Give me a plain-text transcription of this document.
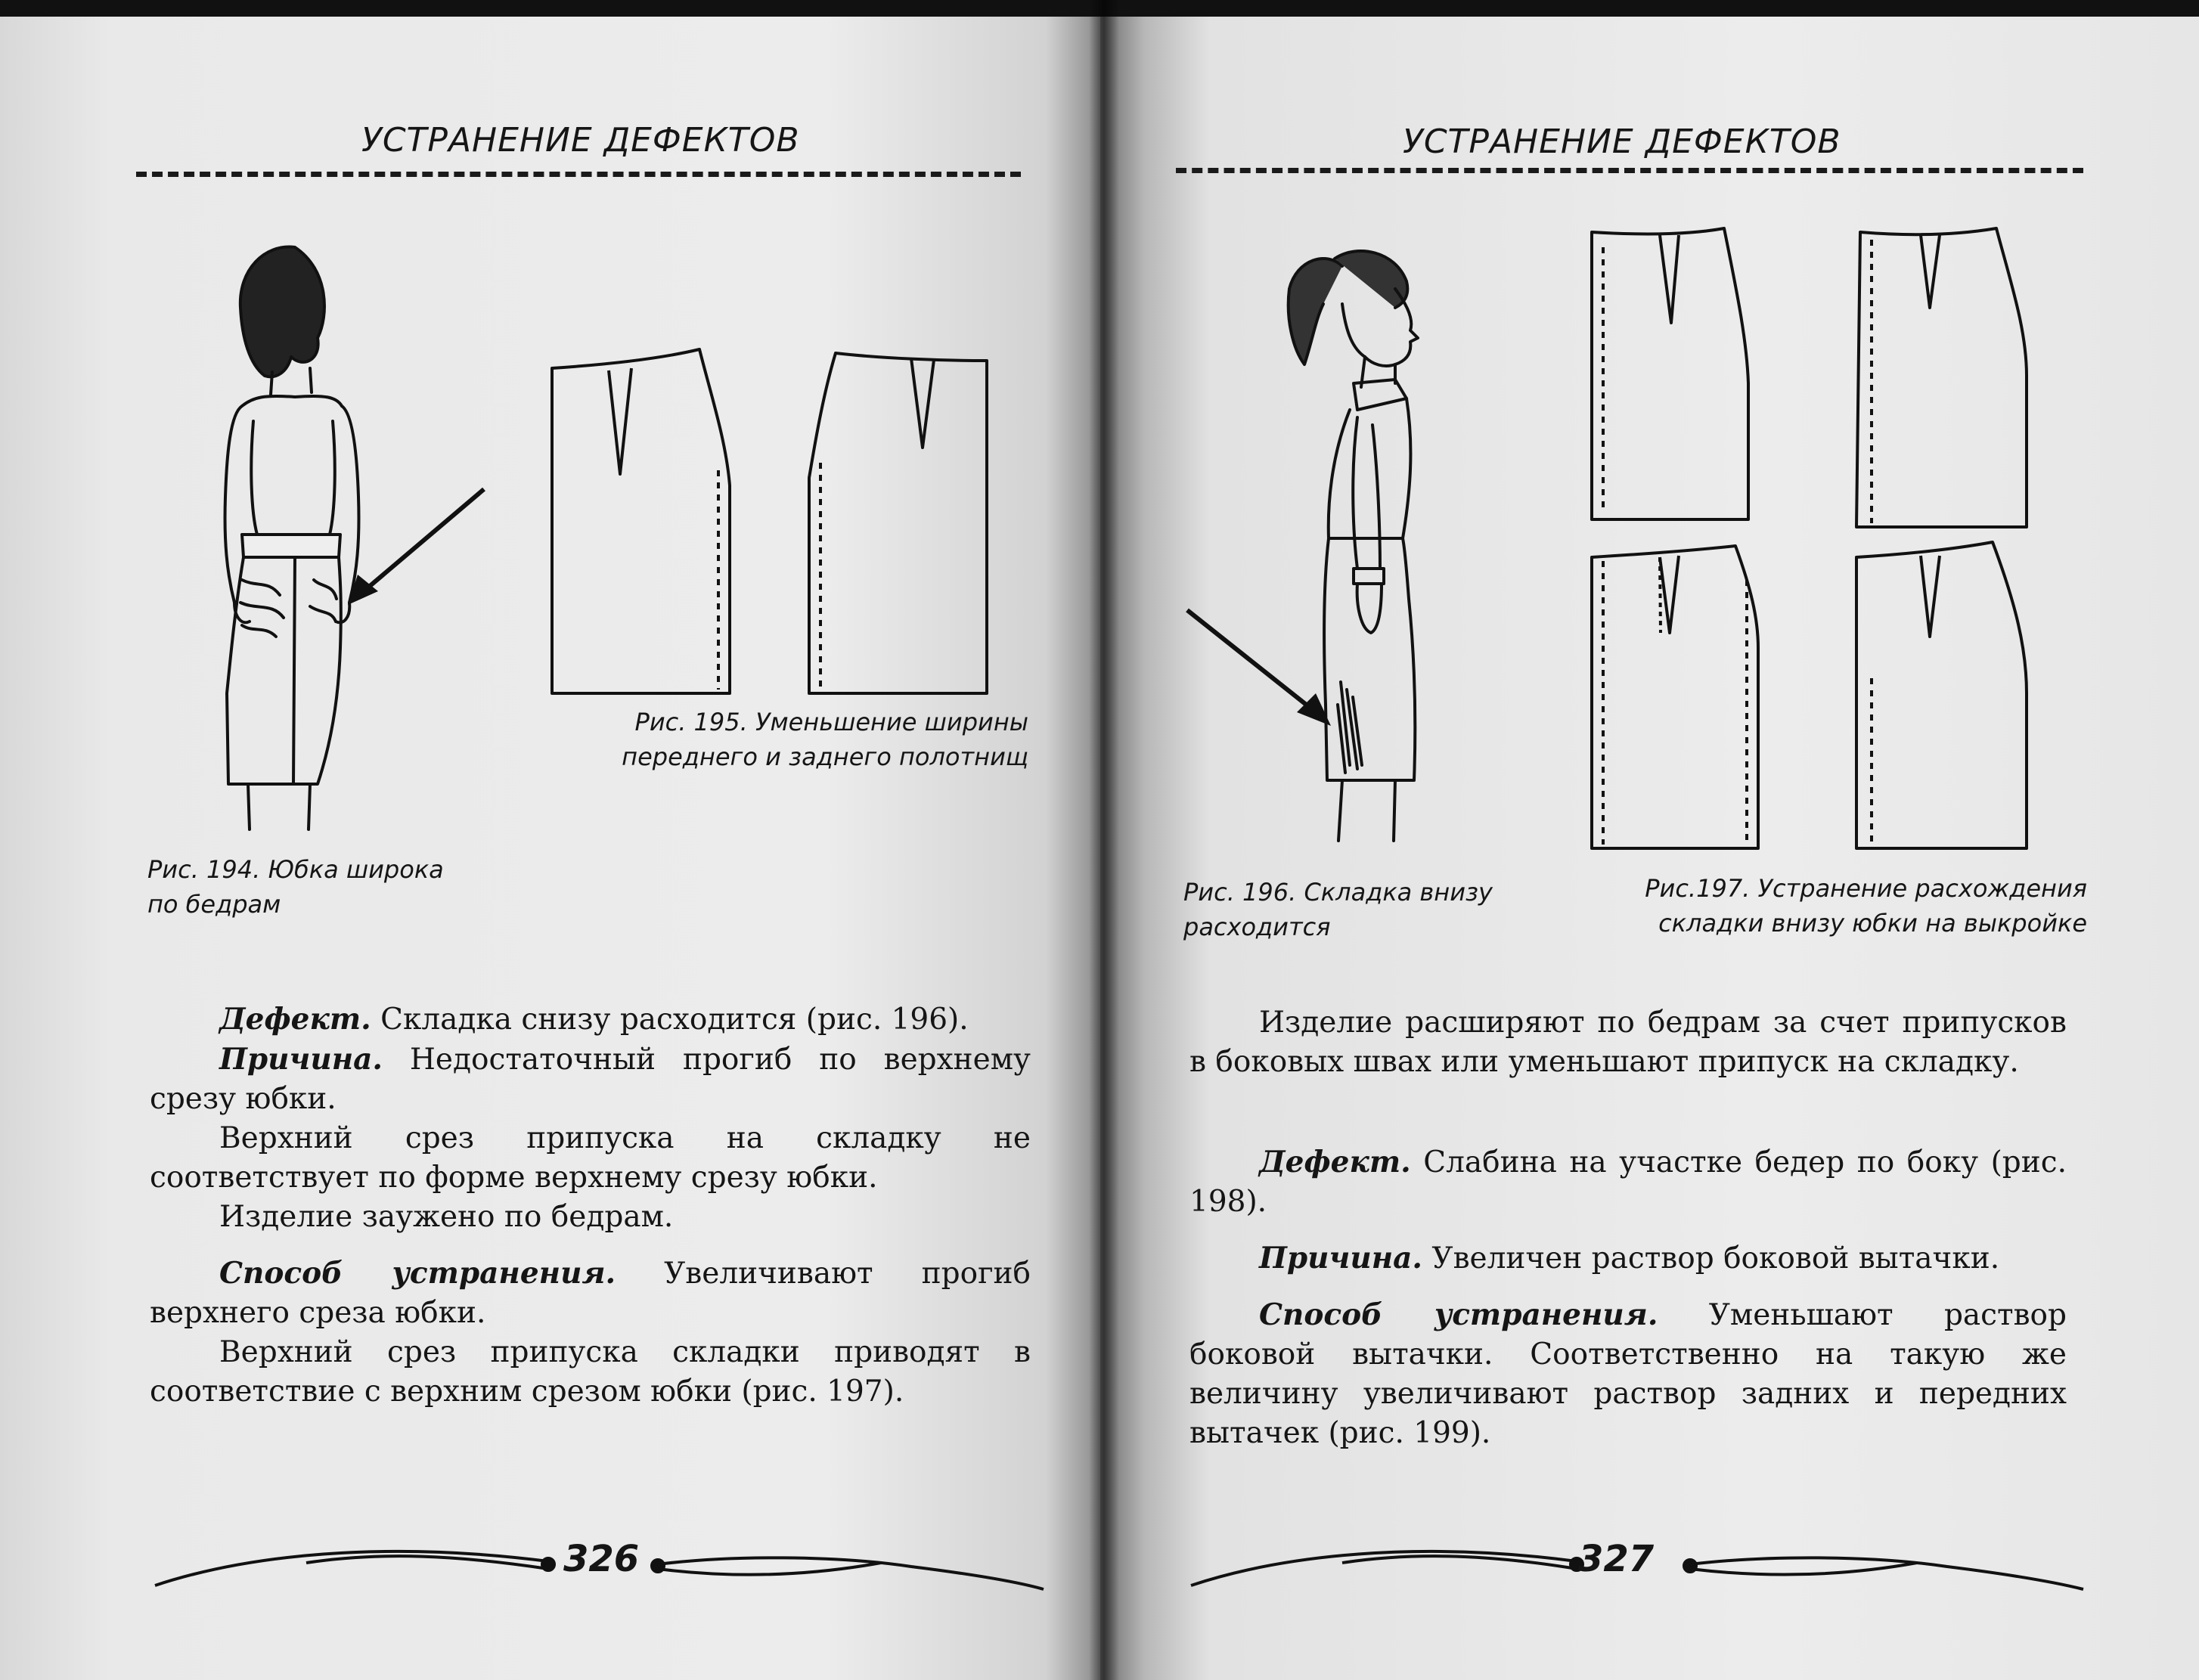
УСТРАНЕНИЕ ДЕФЕКТОВ
Рис. 195. Уменьшение ширины
переднего и заднего полотнищ
Рис. 194. Юбка широка
по бедрам

Дефект. Складка снизу расходится (рис. 196).

Причина. Недостаточный прогиб по верхнему срезу юбки.

Верхний срез припуска на складку не соответствует по форме верхнему срезу юбки.

Изделие заужено по бедрам.

Способ устранения. Увеличивают прогиб верхнего среза юбки.

Верхний срез припуска складки приводят в соответствие с верхним срезом юбки (рис. 197).

326
УСТРАНЕНИЕ ДЕФЕКТОВ
Рис. 196. Складка внизу
расходится
Рис.197. Устранение расхождения
складки внизу юбки на выкройке

Изделие расширяют по бедрам за счет припусков в боковых швах или уменьшают припуск на складку.

Дефект. Слабина на участке бедер по боку (рис. 198).

Причина. Увеличен раствор боковой вытачки.

Способ устранения. Уменьшают раствор боковой вытачки. Соответственно на такую же величину увеличивают раствор задних и передних вытачек (рис. 199).

327
